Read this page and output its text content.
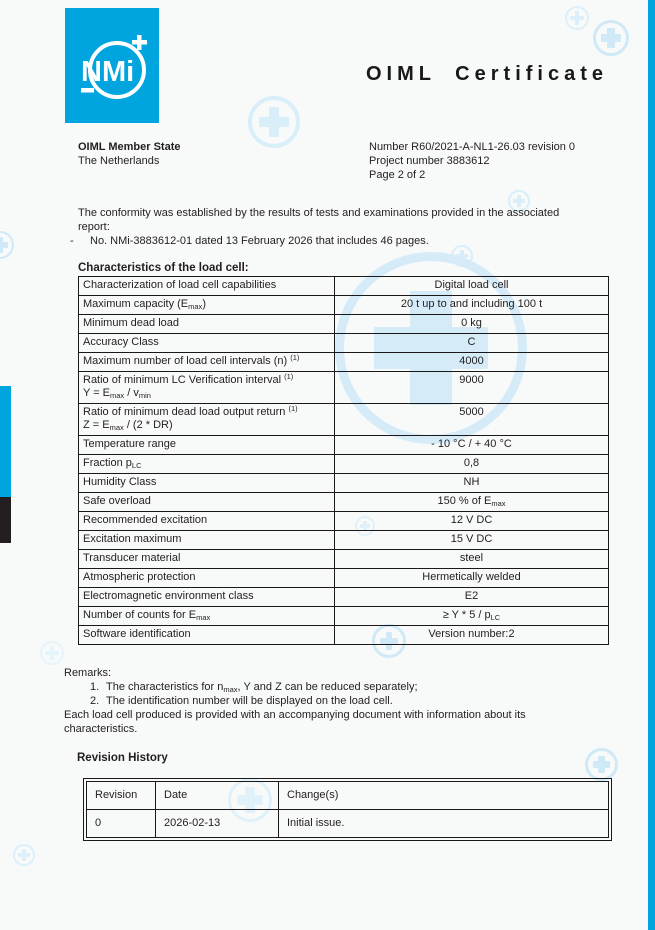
NMi	OIML Certificate
OIML Member State
The Netherlands
Number R60/2021-A-NL1-26.03 revision 0
Project number 3883612
Page 2 of 2
The conformity was established by the results of tests and examinations provided in the associated report:
-	No. NMi-3883612-01 dated 13 February 2026 that includes 46 pages.
Characteristics of the load cell:
Characterization of load cell capabilities	Digital load cell
Maximum capacity $(E_{max})$	20 t up to and including 100 t
Minimum dead load	0 kg
Accuracy Class	C
Maximum number of load cell intervals (n) $^{(1)}$	4000
Ratio of minimum LC Verification interval $^{(1)}$
$Y = E_{max} / v_{min}$	9000
Ratio of minimum dead load output return $^{(1)}$
$Z = E_{max} / (2 * DR)$	5000
Temperature range	- 10 °C / + 40 °C
Fraction $p_{LC}$	0,8
Humidity Class	NH
Safe overload	150 % of $E_{max}$
Recommended excitation	12 V DC
Excitation maximum	15 V DC
Transducer material	steel
Atmospheric protection	Hermetically welded
Electromagnetic environment class	E2
Number of counts for $E_{max}$	≥ Y * $5 / p_{LC}$
Software identification	Version number:2
Remarks:
1. The characteristics for $n_{max}$, Y and Z can be reduced separately;
2. The identification number will be displayed on the load cell.
Each load cell produced is provided with an accompanying document with information about its characteristics.
Revision History
Revision	Date	Change(s)
0	2026-02-13	Initial issue.
